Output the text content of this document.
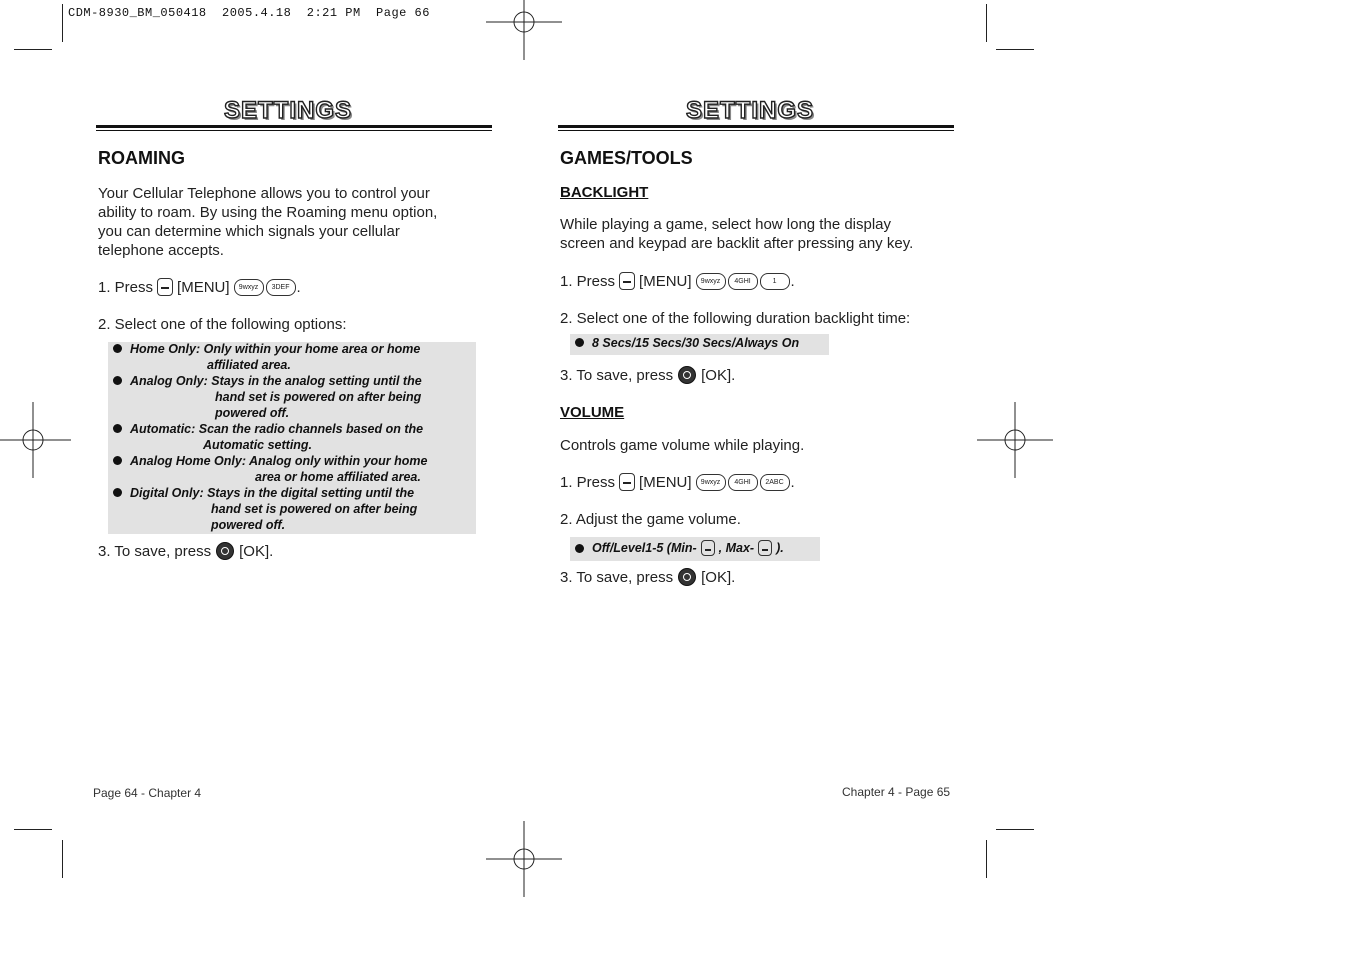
CDM-8930_BM_050418  2005.4.18  2:21 PM  Page 66
SETTINGS
ROAMING
Your Cellular Telephone allows you to control your
ability to roam. By using the Roaming menu option,
you can determine which signals your cellular
telephone accepts.
1. Press [MENU]	9wxyz	3DEF .
2. Select one of the following options:
Home Only: Only within your home area or home
affiliated area.
Analog Only: Stays in the analog setting until the
hand set is powered on after being
powered off.
Automatic: Scan the radio channels based on the
Automatic setting.
Analog Home Only: Analog only within your home
area or home affiliated area.
Digital Only: Stays in the digital setting until the
hand set is powered on after being
powered off.
3. To save, press [OK].
Page 64 - Chapter 4
SETTINGS
GAMES/TOOLS
BACKLIGHT
While playing a game, select how long the display
screen and keypad are backlit after pressing any key.
1. Press [MENU]	9wxyz	4GHI	1 .
2. Select one of the following duration backlight time:
8 Secs/15 Secs/30 Secs/Always On
3. To save, press [OK].
VOLUME
Controls game volume while playing.
1. Press [MENU]	9wxyz	4GHI	2ABC .
2. Adjust the game volume.
Off/Level1-5 (Min- , Max- ).
3. To save, press [OK].
Chapter 4 - Page 65
